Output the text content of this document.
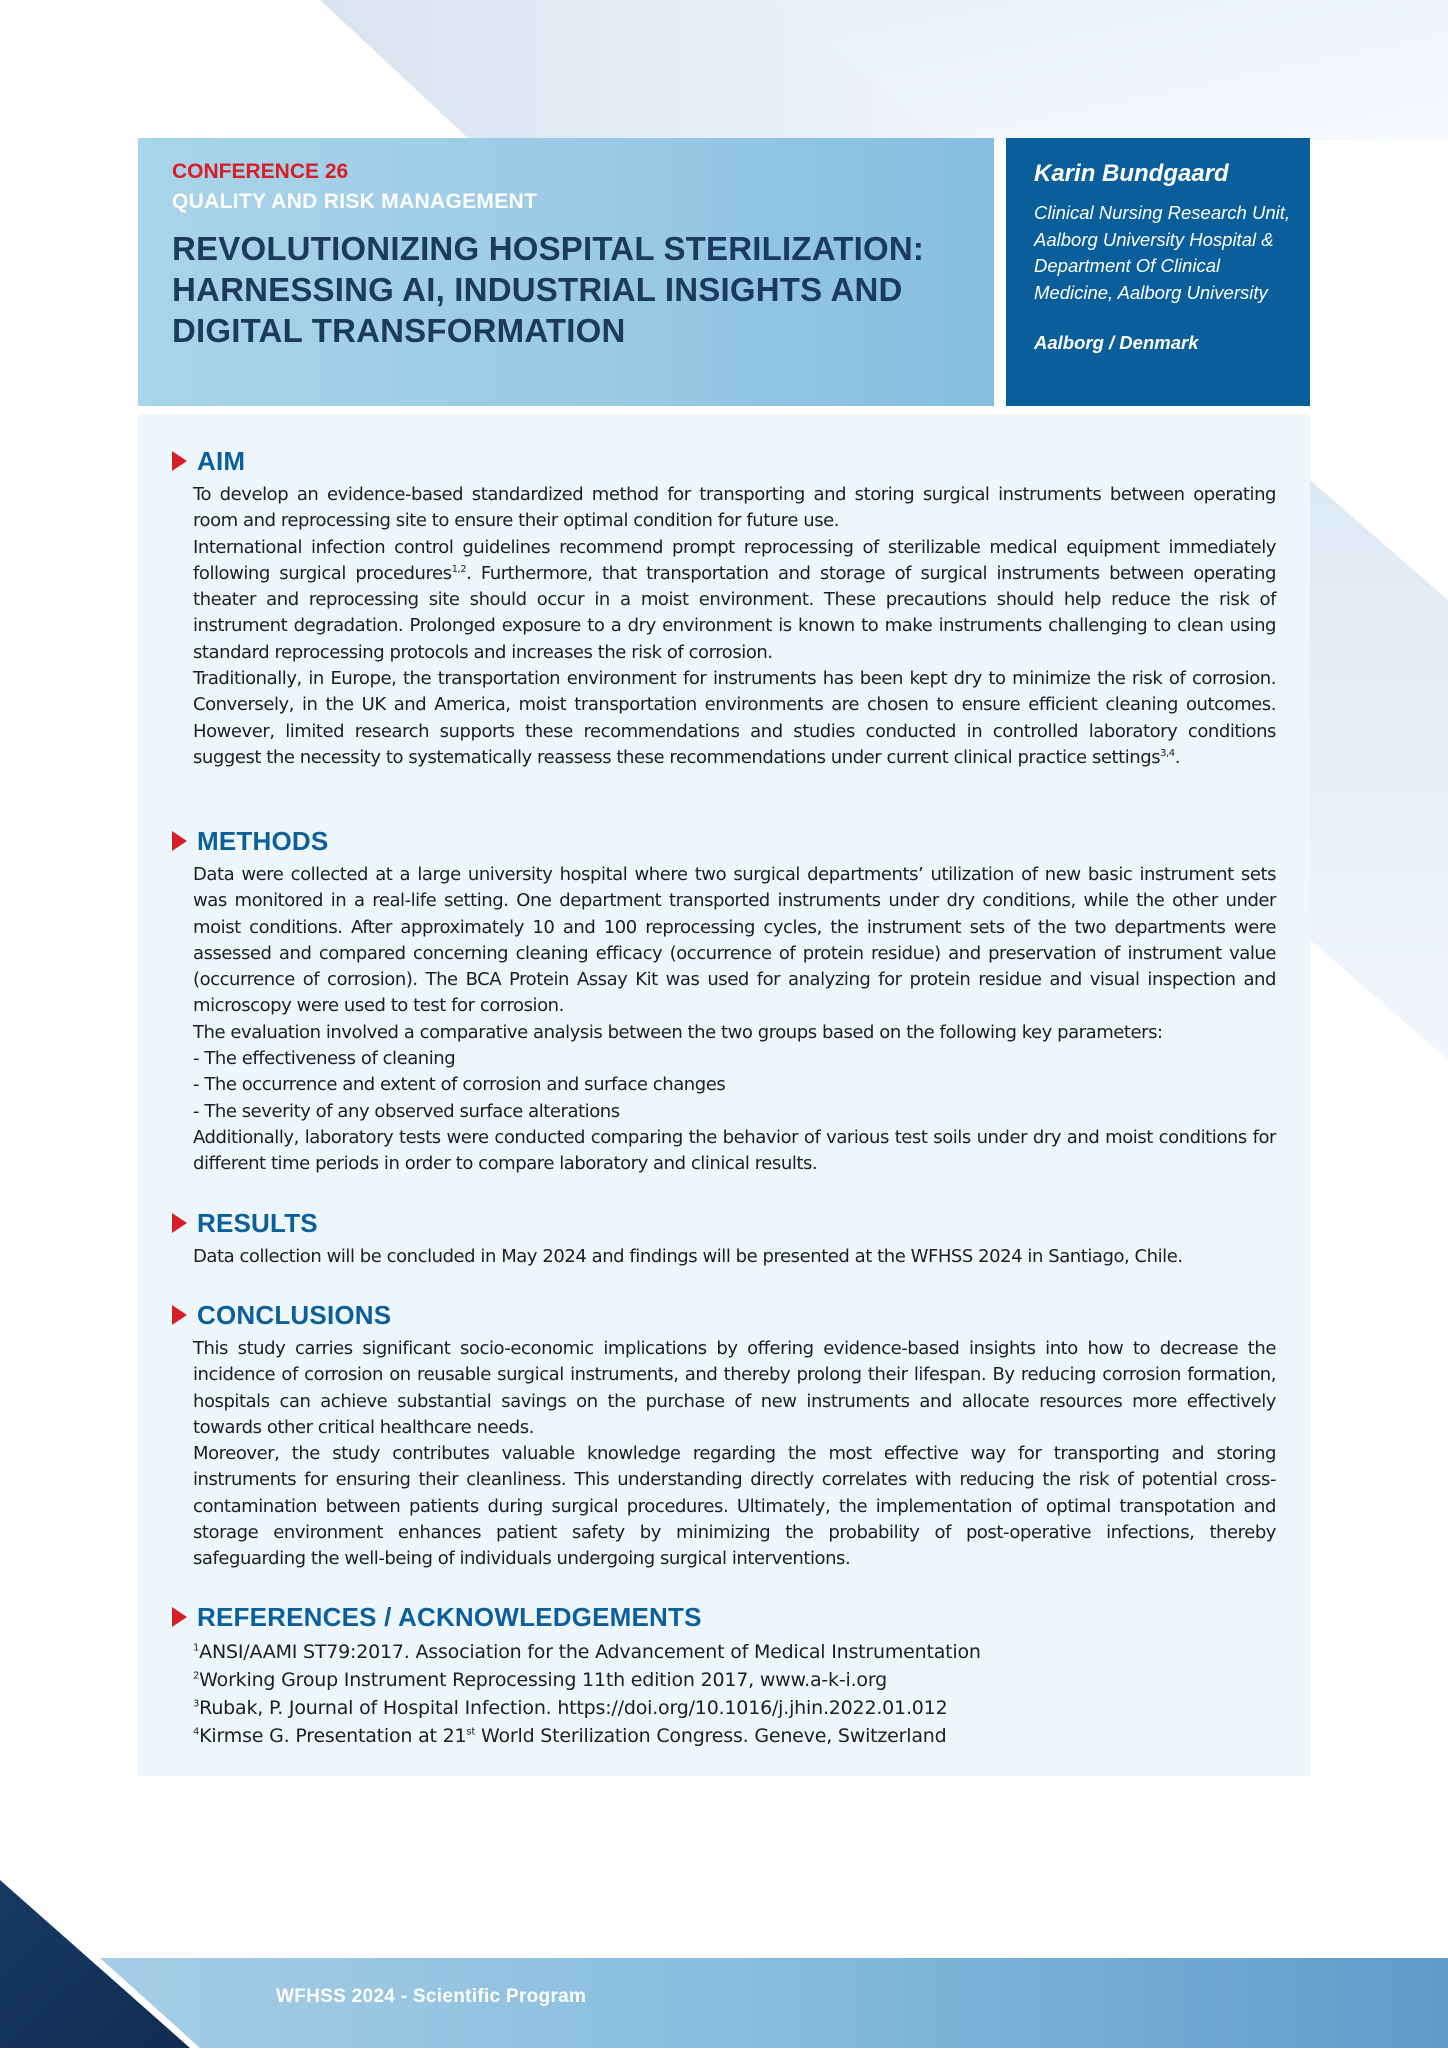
22
WFHSS 2024 - Scientific Program
CONFERENCE 26
QUALITY AND RISK MANAGEMENT
REVOLUTIONIZING HOSPITAL STERILIZATION: HARNESSING AI, INDUSTRIAL INSIGHTS AND DIGITAL TRANSFORMATION
Karin Bundgaard
Clinical Nursing Research Unit, Aalborg University Hospital & Department Of Clinical Medicine, Aalborg University
Aalborg / Denmark
AIM

To develop an evidence-based standardized method for transporting and storing surgical instruments between operating room and reprocessing site to ensure their optimal condition for future use.

International infection control guidelines recommend prompt reprocessing of sterilizable medical equipment immediately following surgical procedures$^{1,2}$. Furthermore, that transportation and storage of surgical instruments between operating theater and reprocessing site should occur in a moist environment. These precautions should help reduce the risk of instrument degradation. Prolonged exposure to a dry environment is known to make instruments challenging to clean using standard reprocessing protocols and increases the risk of corrosion.

Traditionally, in Europe, the transportation environment for instruments has been kept dry to minimize the risk of corrosion. Conversely, in the UK and America, moist transportation environments are chosen to ensure efficient cleaning outcomes. However, limited research supports these recommendations and studies conducted in controlled laboratory conditions suggest the necessity to systematically reassess these recommendations under current clinical practice settings$^{3,4}$.

METHODS

Data were collected at a large university hospital where two surgical departments’ utilization of new basic instrument sets was monitored in a real-life setting. One department transported instruments under dry conditions, while the other under moist conditions. After approximately 10 and 100 reprocessing cycles, the instrument sets of the two departments were assessed and compared concerning cleaning efficacy (occurrence of protein residue) and preservation of instrument value (occurrence of corrosion). The BCA Protein Assay Kit was used for analyzing for protein residue and visual inspection and microscopy were used to test for corrosion.

The evaluation involved a comparative analysis between the two groups based on the following key parameters:

- The effectiveness of cleaning

- The occurrence and extent of corrosion and surface changes

- The severity of any observed surface alterations

Additionally, laboratory tests were conducted comparing the behavior of various test soils under dry and moist conditions for different time periods in order to compare laboratory and clinical results.

RESULTS

Data collection will be concluded in May 2024 and findings will be presented at the WFHSS 2024 in Santiago, Chile.

CONCLUSIONS

This study carries significant socio-economic implications by offering evidence-based insights into how to decrease the incidence of corrosion on reusable surgical instruments, and thereby prolong their lifespan. By reducing corrosion formation, hospitals can achieve substantial savings on the purchase of new instruments and allocate resources more effectively towards other critical healthcare needs.

Moreover, the study contributes valuable knowledge regarding the most effective way for transporting and storing instruments for ensuring their cleanliness. This understanding directly correlates with reducing the risk of potential cross-contamination between patients during surgical procedures. Ultimately, the implementation of optimal transpotation and storage environment enhances patient safety by minimizing the probability of post-operative infections, thereby safeguarding the well-being of individuals undergoing surgical interventions.

REFERENCES / ACKNOWLEDGEMENTS

$^1$ANSI/AAMI ST79:2017. Association for the Advancement of Medical Instrumentation

$^2$Working Group Instrument Reprocessing 11th edition 2017, www.a-k-i.org

$^3$Rubak, P. Journal of Hospital Infection. https://doi.org/10.1016/j.jhin.2022.01.012

$^4$Kirmse G. Presentation at 21st World Sterilization Congress. Geneve, Switzerland
